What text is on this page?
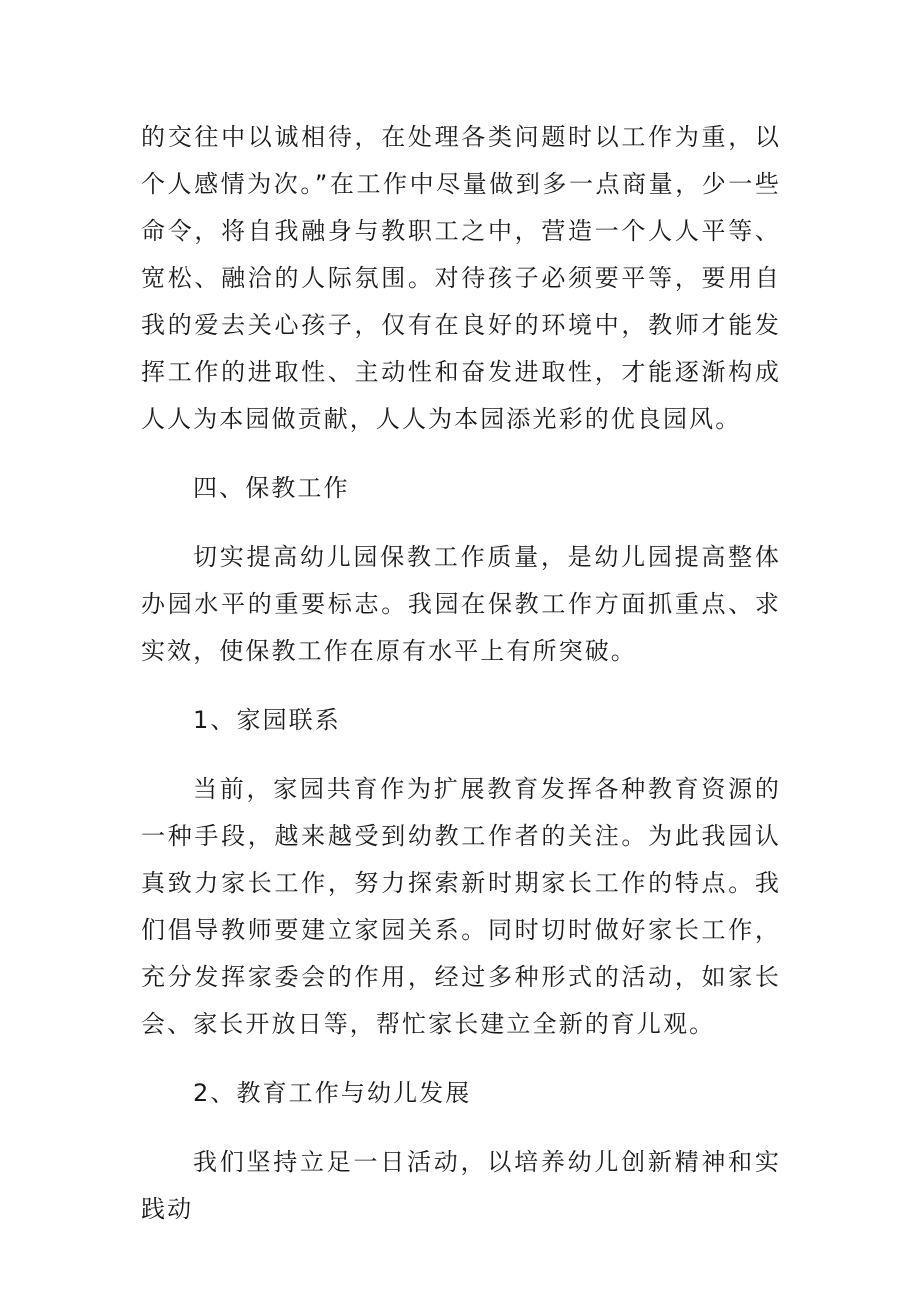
的交往中以诚相待，在处理各类问题时以工作为重，以个人感情为次。”在工作中尽量做到多一点商量，少一些命令，将自我融身与教职工之中，营造一个人人平等、宽松、融洽的人际氛围。对待孩子必须要平等，要用自我的爱去关心孩子，仅有在良好的环境中，教师才能发挥工作的进取性、主动性和奋发进取性，才能逐渐构成人人为本园做贡献，人人为本园添光彩的优良园风。

四、保教工作

切实提高幼儿园保教工作质量，是幼儿园提高整体办园水平的重要标志。我园在保教工作方面抓重点、求实效，使保教工作在原有水平上有所突破。

1、家园联系

当前，家园共育作为扩展教育发挥各种教育资源的一种手段，越来越受到幼教工作者的关注。为此我园认真致力家长工作，努力探索新时期家长工作的特点。我们倡导教师要建立家园关系。同时切时做好家长工作，充分发挥家委会的作用，经过多种形式的活动，如家长会、家长开放日等，帮忙家长建立全新的育儿观。

2、教育工作与幼儿发展

我们坚持立足一日活动，以培养幼儿创新精神和实践动
